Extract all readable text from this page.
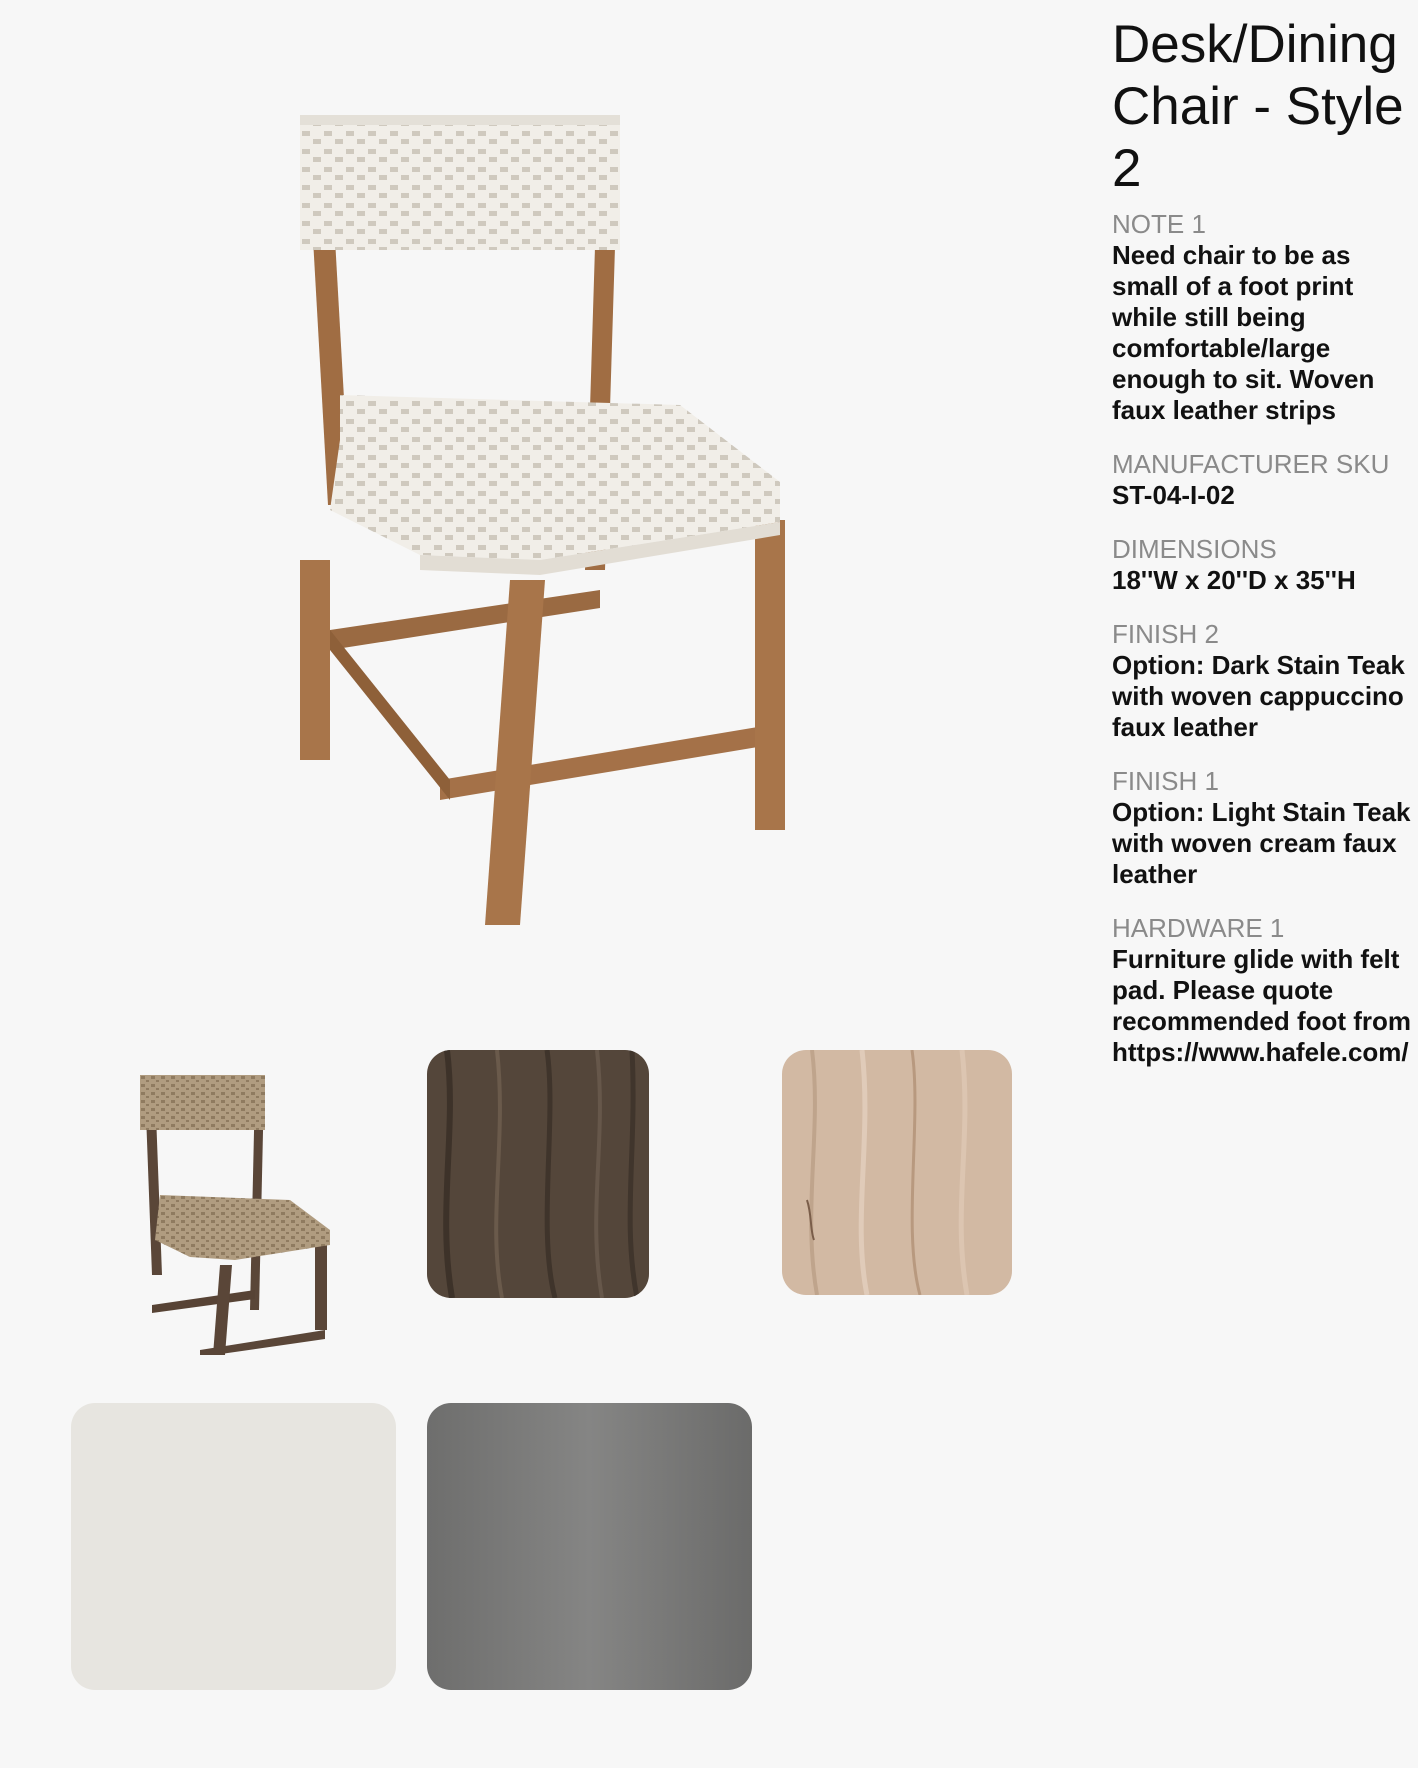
Desk/Dining Chair - Style 2

NOTE 1

Need chair to be as small of a foot print while still being comfortable/large enough to sit. Woven faux leather strips

MANUFACTURER SKU

ST-04-I-02

DIMENSIONS

18''W x 20''D x 35''H

FINISH 2

Option: Dark Stain Teak with woven cappuccino faux leather

FINISH 1

Option: Light Stain Teak with woven cream faux leather

HARDWARE 1

Furniture glide with felt pad. Please quote recommended foot from https://www.hafele.com/
